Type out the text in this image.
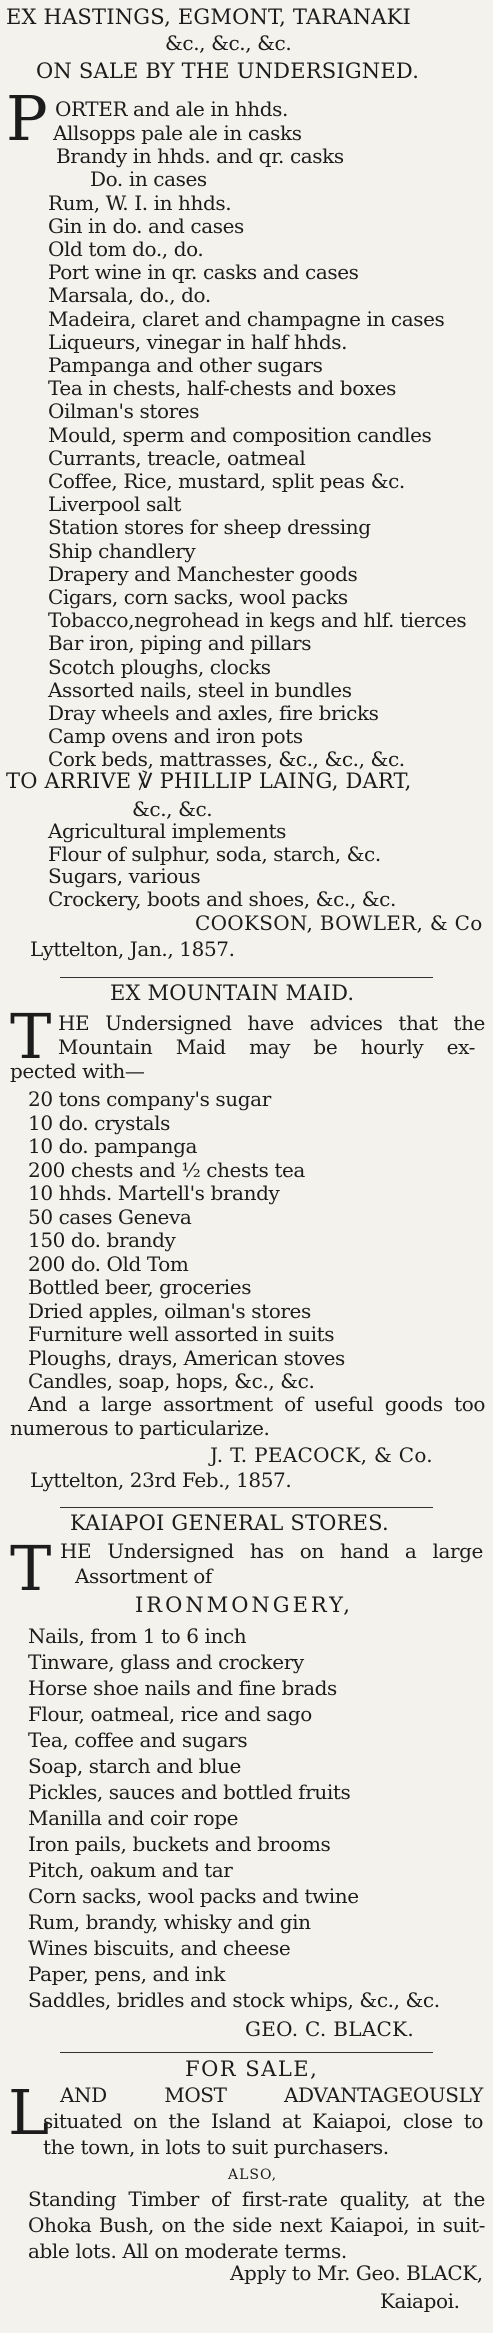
EX HASTINGS, EGMONT, TARANAKI
&c., &c., &c.
ON SALE BY THE UNDERSIGNED.
P ORTER and ale in hhds.
Allsopps pale ale in casks
Brandy in hhds. and qr. casks
Do. in cases
Rum, W. I. in hhds.
Gin in do. and cases
Old tom do., do.
Port wine in qr. casks and cases
Marsala, do., do.
Madeira, claret and champagne in cases
Liqueurs, vinegar in half hhds.
Pampanga and other sugars
Tea in chests, half-chests and boxes
Oilman's stores
Mould, sperm and composition candles
Currants, treacle, oatmeal
Coffee, Rice, mustard, split peas &c.
Liverpool salt
Station stores for sheep dressing
Ship chandlery
Drapery and Manchester goods
Cigars, corn sacks, wool packs
Tobacco,negrohead in kegs and hlf. tierces
Bar iron, piping and pillars
Scotch ploughs, clocks
Assorted nails, steel in bundles
Dray wheels and axles, fire bricks
Camp ovens and iron pots
Cork beds, mattrasses, &c., &c., &c.
TO ARRIVE ℣ PHILLIP LAING, DART,
&c., &c.
Agricultural implements
Flour of sulphur, soda, starch, &c.
Sugars, various
Crockery, boots and shoes, &c., &c.
COOKSON, BOWLER, & Co
Lyttelton, Jan., 1857.
EX MOUNTAIN MAID.
T HE Undersigned have advices that the
Mountain Maid may be hourly ex-
pected with—
20 tons company's sugar
10 do. crystals
10 do. pampanga
200 chests and ½ chests tea
10 hhds. Martell's brandy
50 cases Geneva
150 do. brandy
200 do. Old Tom
Bottled beer, groceries
Dried apples, oilman's stores
Furniture well assorted in suits
Ploughs, drays, American stoves
Candles, soap, hops, &c., &c.
And a large assortment of useful goods too
numerous to particularize.
J. T. PEACOCK, & Co.
Lyttelton, 23rd Feb., 1857.
KAIAPOI GENERAL STORES.
T HE Undersigned has on hand a large
Assortment of
IRONMONGERY,
Nails, from 1 to 6 inch
Tinware, glass and crockery
Horse shoe nails and fine brads
Flour, oatmeal, rice and sago
Tea, coffee and sugars
Soap, starch and blue
Pickles, sauces and bottled fruits
Manilla and coir rope
Iron pails, buckets and brooms
Pitch, oakum and tar
Corn sacks, wool packs and twine
Rum, brandy, whisky and gin
Wines biscuits, and cheese
Paper, pens, and ink
Saddles, bridles and stock whips, &c., &c.
GEO. C. BLACK.
FOR SALE,
L AND MOST ADVANTAGEOUSLY
situated on the Island at Kaiapoi, close to
the town, in lots to suit purchasers.
ALSO,
Standing Timber of first-rate quality, at the
Ohoka Bush, on the side next Kaiapoi, in suit-
able lots. All on moderate terms.
Apply to Mr. Geo. BLACK,
Kaiapoi.
